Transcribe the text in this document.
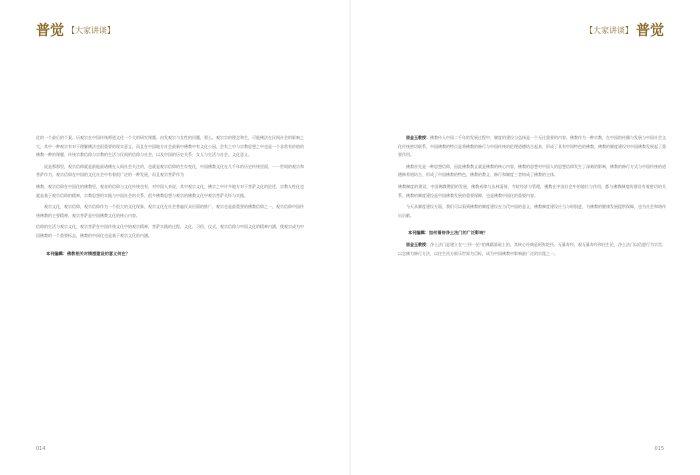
普觉 【大家讲谈】

佐的一个最后的个案。历观宗在中国传统师道文化一个大的研究课题。由发观宗与女性的问题，那么，观宗宗的理念和生，可能佛法在民间社会的影响之大，其中一种观宗有对于理解佛法也很重要的现实意义，而且在中国地方社会最新中佛教中有文化公园，会有之中与宗教思想之中也是一个非常有价值的佛教一种的课题，传统宗教信仰与宗教的生活与民间的信仰与社会，以及中国的历史关系，女人与生活与社会。文化意义。

说是那那里，观宗信仰就是最能最诸佛在人间社会关注的，也就是观宗信仰的生存变化，中国佛教文化在几千年的历史传统里面，一一世间的观宗和菩萨作为，观宗信仰在中国的文化社会中有着很广泛的一种发展，而且观宗菩萨作为

佛教，观宗信仰在中国化的佛教里，观音的信仰与文化传统也有，对中国人来说，其中观宗文化，佛宗之中许多地方对于菩萨文化的论述，宗教人性化也就是基于观宗信仰的精神，宗教思想的实践与中国社会的关系，很多佛教思想与观宗的佛教文化中观宗菩萨关怀与实践。

观宗文化，观宗信仰，观宗信仰作为一个很大的文化现象，观宗文化在社会普遍民众层面的推广，观宗也是最重要的佛教信仰之一，观宗信仰中国传统佛教的主要精神，观宗菩萨是中国佛教文化的核心内容。

信仰的生活与观宗文化，观宗菩萨在中国传统文化中的观宗精神，菩萨实践的过程，文化、习俗、仪式，观宗信仰与中国文化的精神内涵，使观宗成为中国佛教的一个重要标志，佛教的中国化也是基于观宗文化的内涵。

本刊编辑：佛教相关对情感建设的意义何在？
014
【大家讲谈】 普觉

屈金玉教授：佛教传入中国二千年的发展过程中，制度的建设与弘扬是一个无比重要的内容。佛教作为一种宗教，在中国的传播与发展与中国社会文化传统密切联系，中国佛教的特点是将佛教的修行与中国传统的伦理道德结合起来，形成了具有中国特色的佛教。佛教的制度建设对中国佛教发展起了重要作用。

佛教首先是一种思想信仰，因此佛教教义就是佛教的核心内容，佛教的思想对中国人的思想信仰发生了深刻的影响，佛教的修行方式与中国传统的道德修养相结合，形成了中国佛教的特色，佛教的教义、修行和制度三者构成了佛教的主体。

佛教制度的建设，中国佛教僧团的发展，佛教戒律与丛林清规，寺院经济与管理，佛教在中国社会中的地位与作用，都与佛教制度的建设有着密切的关系，佛教的制度建设是中国佛教发展的重要保障，也是佛教中国化的重要内容。

今天从制度建设方面，我们可以看到佛教的制度建设在当代中国的意义，佛教制度建设应当与时俱进，为佛教的健康发展提供保障，也为社会和谐作出贡献。

本刊编辑：如何看待净土法门的广泛影响？

屈金玉教授：净土法门是建立在"三经一论"的典籍基础上的，其核心经典是阿弥陀经、无量寿经、观无量寿经和往生论，净土法门以信愿行为宗旨，以念佛为修行方法，以往生西方极乐世界为目标，成为中国佛教中影响最广泛的宗派之一。

015
